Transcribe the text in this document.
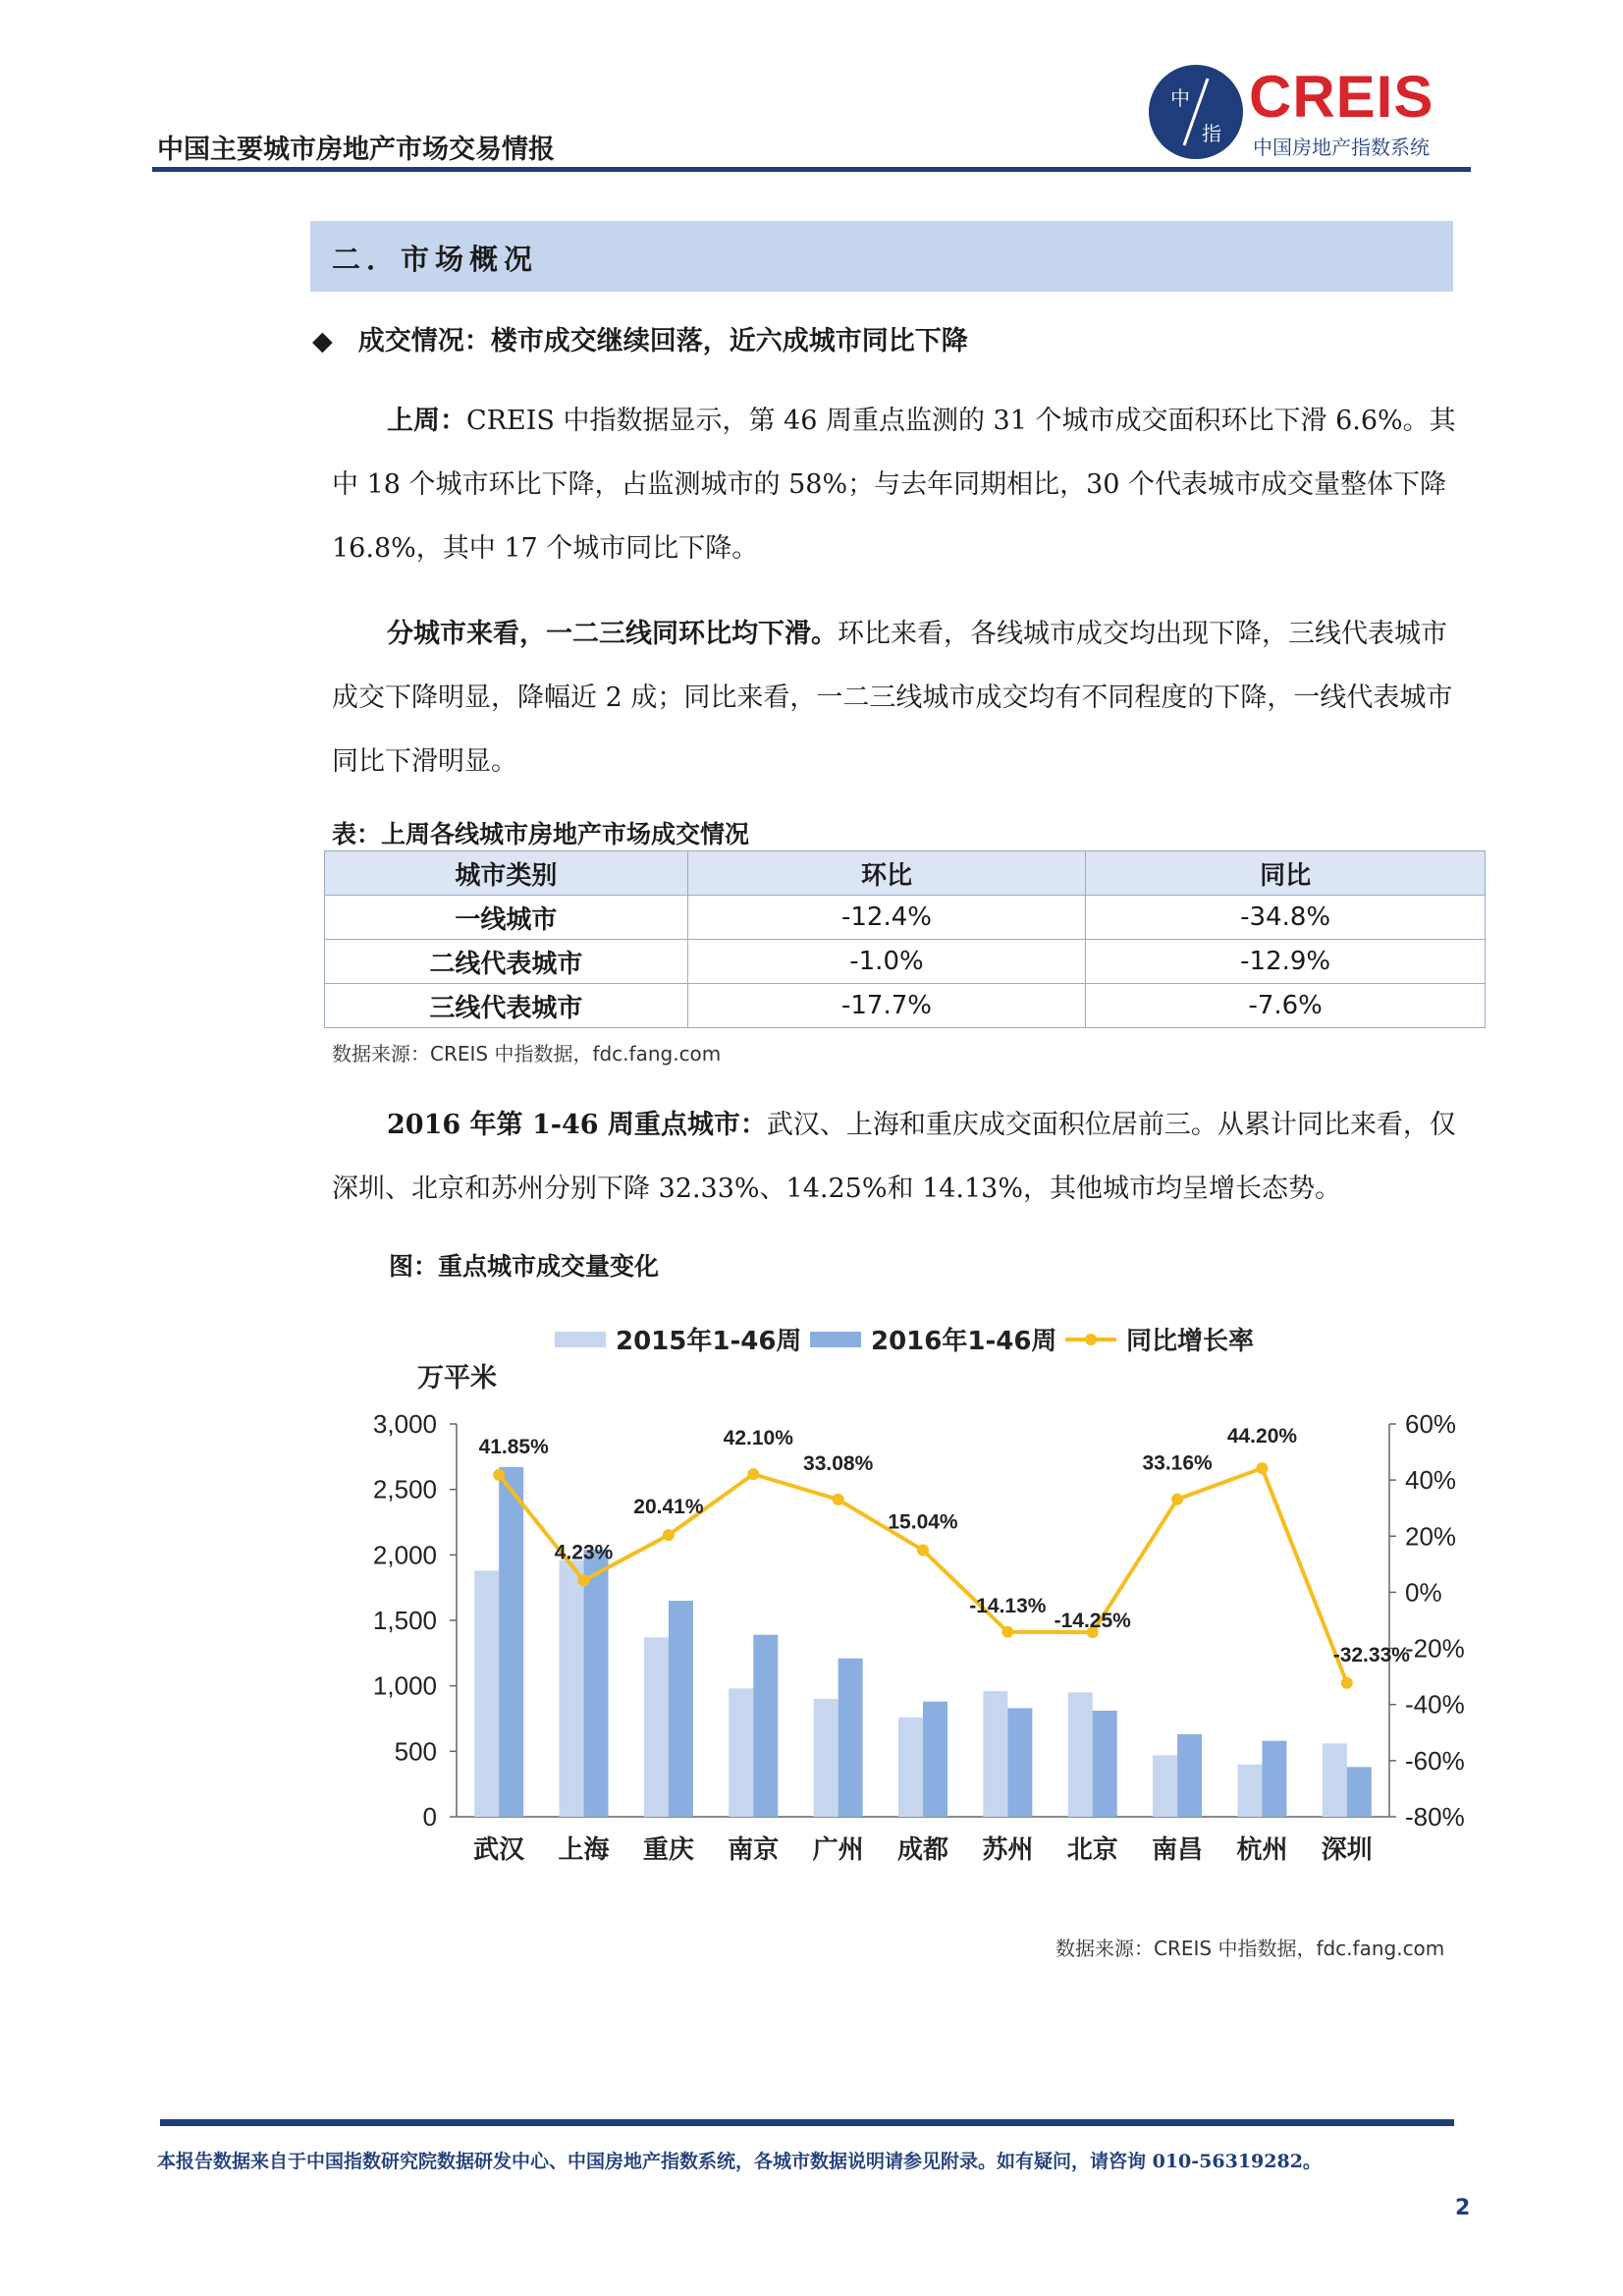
中国主要城市房地产市场交易情报
中
指
CREIS
中国房地产指数系统
二．市场概况
◆ 成交情况：楼市成交继续回落，近六成城市同比下降

上周：CREIS 中指数据显示，第 46 周重点监测的 31 个城市成交面积环比下滑 6.6%。其中 18 个城市环比下降，占监测城市的 58%；与去年同期相比，30 个代表城市成交量整体下降 16.8%，其中 17 个城市同比下降。

分城市来看，一二三线同环比均下滑。环比来看，各线城市成交均出现下降，三线代表城市成交下降明显，降幅近 2 成；同比来看，一二三线城市成交均有不同程度的下降，一线代表城市同比下滑明显。

表：上周各线城市房地产市场成交情况
城市类别	环比	同比
一线城市	-12.4%	-34.8%
二线代表城市	-1.0%	-12.9%
三线代表城市	-17.7%	-7.6%
数据来源：CREIS 中指数据，fdc.fang.com

2016 年第 1-46 周重点城市：武汉、上海和重庆成交面积位居前三。从累计同比来看，仅深圳、北京和苏州分别下降 32.33%、14.25%和 14.13%，其他城市均呈增长态势。

图：重点城市成交量变化
0
500
1,000
1,500
2,000
2,500
3,000
-80%
-60%
-40%
-20%
0%
20%
40%
60%
万平米
武汉 上海 重庆 南京 广州 成都 苏州 北京 南昌 杭州 深圳
41.85%
4.23%
20.41%
42.10%
33.08%
15.04%
-14.13%
-14.25%
33.16%
44.20%
-32.33%
2015年1-46周	2016年1-46周	同比增长率
数据来源：CREIS 中指数据，fdc.fang.com
本报告数据来自于中国指数研究院数据研发中心、中国房地产指数系统，各城市数据说明请参见附录。如有疑问，请咨询 010-56319282。
2
